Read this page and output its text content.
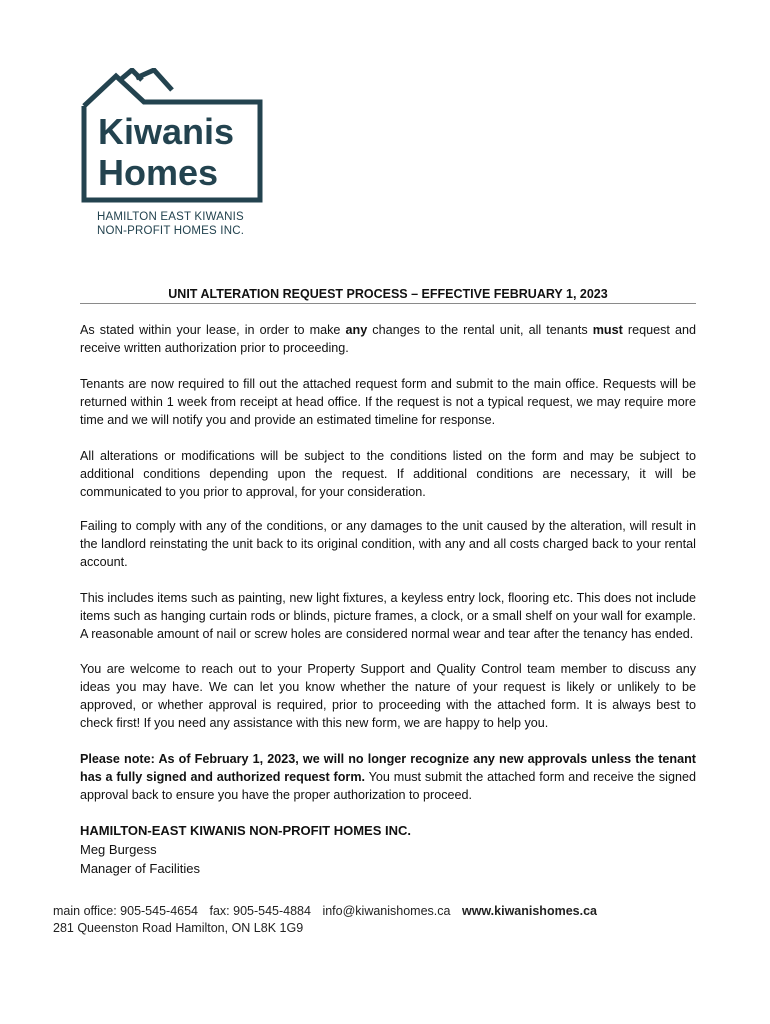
Kiwanis
Homes
HAMILTON EAST KIWANIS
NON-PROFIT HOMES INC.
UNIT ALTERATION REQUEST PROCESS – EFFECTIVE FEBRUARY 1, 2023

As stated within your lease, in order to make any changes to the rental unit, all tenants must request and receive written authorization prior to proceeding.

Tenants are now required to fill out the attached request form and submit to the main office. Requests will be returned within 1 week from receipt at head office. If the request is not a typical request, we may require more time and we will notify you and provide an estimated timeline for response.

All alterations or modifications will be subject to the conditions listed on the form and may be subject to additional conditions depending upon the request. If additional conditions are necessary, it will be communicated to you prior to approval, for your consideration.

Failing to comply with any of the conditions, or any damages to the unit caused by the alteration, will result in the landlord reinstating the unit back to its original condition, with any and all costs charged back to your rental account.

This includes items such as painting, new light fixtures, a keyless entry lock, flooring etc. This does not include items such as hanging curtain rods or blinds, picture frames, a clock, or a small shelf on your wall for example. A reasonable amount of nail or screw holes are considered normal wear and tear after the tenancy has ended.

You are welcome to reach out to your Property Support and Quality Control team member to discuss any ideas you may have. We can let you know whether the nature of your request is likely or unlikely to be approved, or whether approval is required, prior to proceeding with the attached form. It is always best to check first! If you need any assistance with this new form, we are happy to help you.

Please note: As of February 1, 2023, we will no longer recognize any new approvals unless the tenant has a fully signed and authorized request form. You must submit the attached form and receive the signed approval back to ensure you have the proper authorization to proceed.

HAMILTON-EAST KIWANIS NON-PROFIT HOMES INC.
Meg Burgess
Manager of Facilities
main office: 905-545-4654 fax: 905-545-4884 info@kiwanishomes.ca www.kiwanishomes.ca
281 Queenston Road Hamilton, ON L8K 1G9
